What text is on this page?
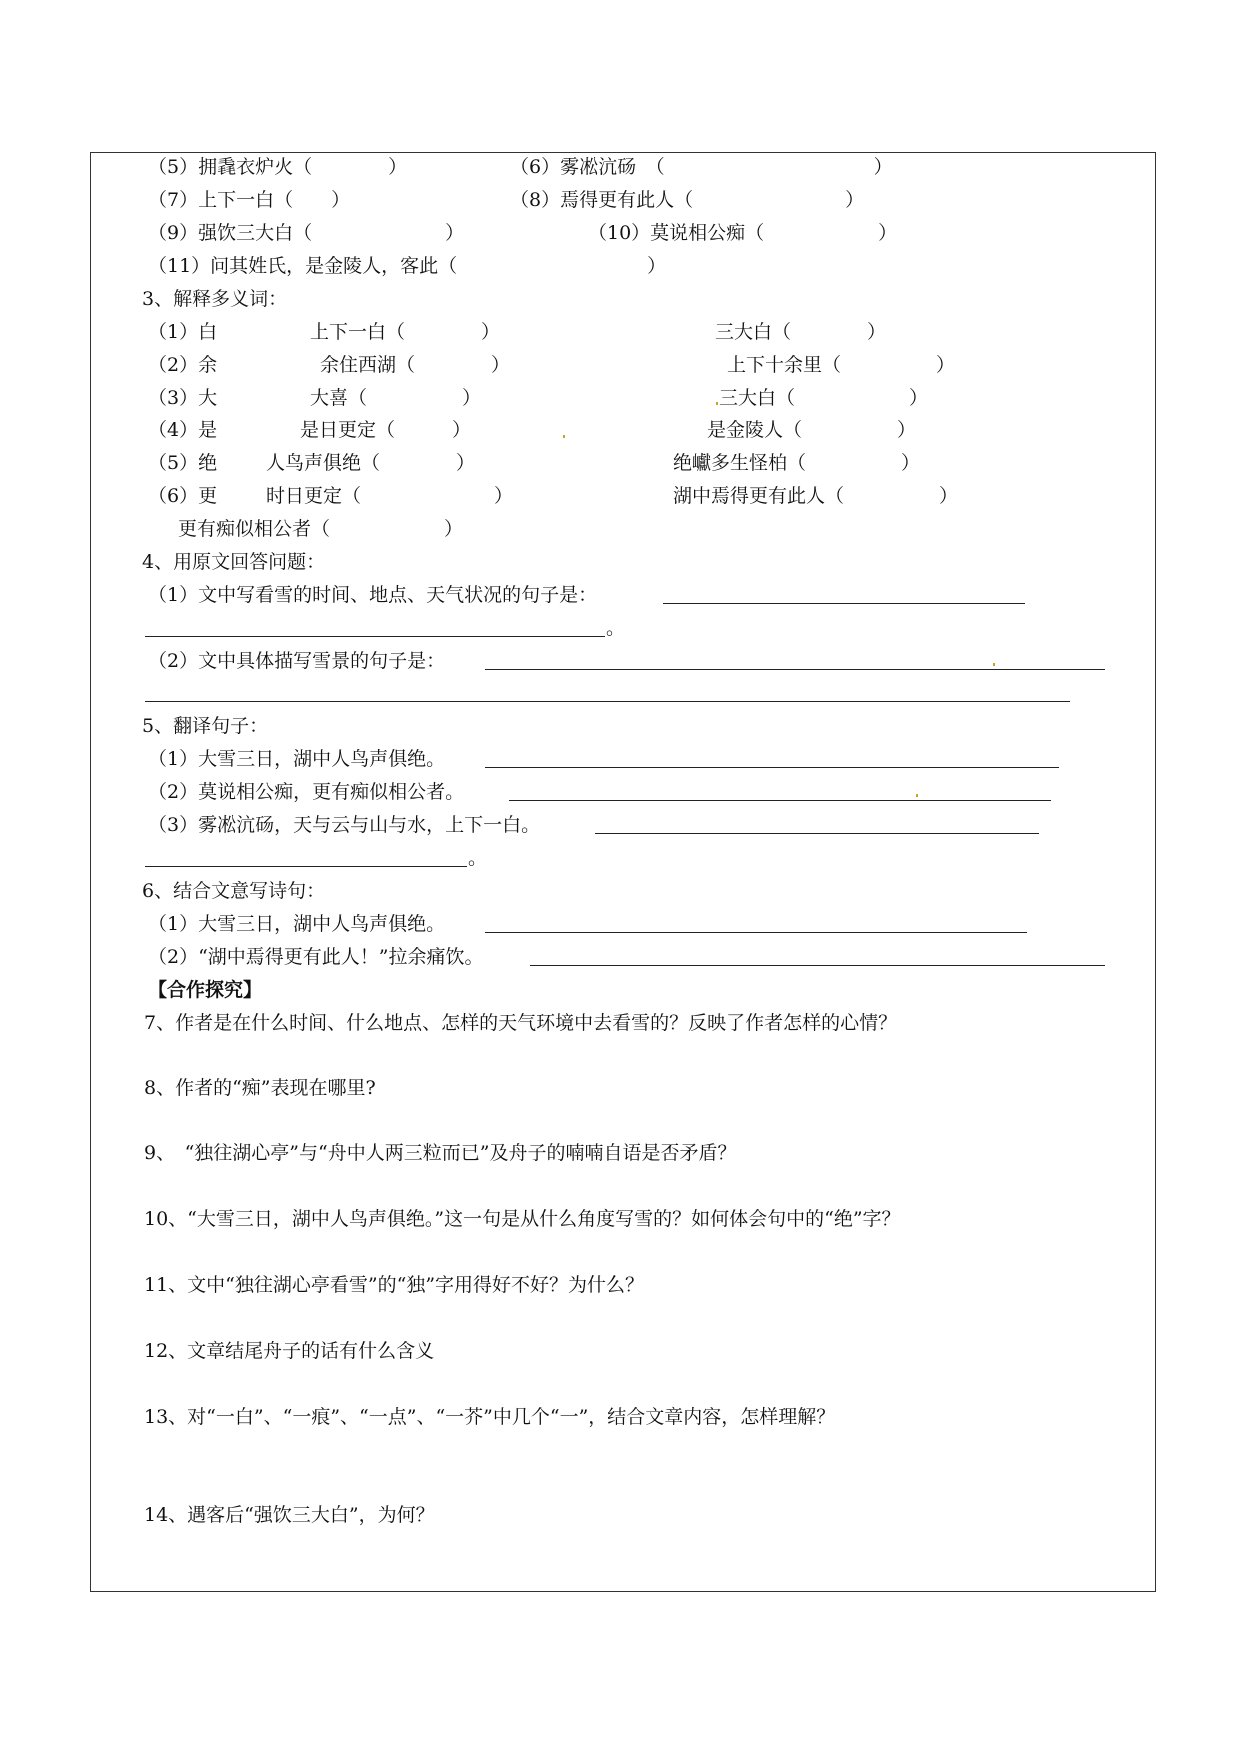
（5）拥毳衣炉火（　　　　）	（6）雾凇沆砀　（　　　　　　　　　　　）
（7）上下一白（　　）	（8）焉得更有此人（　　　　　　　　）
（9）强饮三大白（　　　　　　　）	（10）莫说相公痴（　　　　　　）
（11）问其姓氏，是金陵人，客此（　　　　　　　　　　）
3、解释多义词：
（1）白	上下一白（　　　　）	三大白（　　　　）
（2）余	余住西湖（　　　　）	上下十余里（　　　　　）
（3）大	大喜（　　　　　）	三大白（　　　　　　）
（4）是	是日更定（　　　）	是金陵人（　　　　　）
（5）绝	人鸟声俱绝（　　　　）	绝巘多生怪柏（　　　　　）
（6）更	时日更定（　　　　　　　）	湖中焉得更有此人（　　　　　）
更有痴似相公者（　　　　　　）
4、用原文回答问题：
（1）文中写看雪的时间、地点、天气状况的句子是：
。
（2）文中具体描写雪景的句子是：
5、翻译句子：
（1）大雪三日，湖中人鸟声俱绝。
（2）莫说相公痴，更有痴似相公者。
（3）雾凇沆砀，天与云与山与水，上下一白。
。
6、结合文意写诗句：
（1）大雪三日，湖中人鸟声俱绝。
（2）“湖中焉得更有此人！”拉余痛饮。
【合作探究】
7、作者是在什么时间、什么地点、怎样的天气环境中去看雪的？反映了作者怎样的心情？
8、作者的“痴”表现在哪里?
9、　“独往湖心亭”与“舟中人两三粒而已”及舟子的喃喃自语是否矛盾？
10、“大雪三日，湖中人鸟声俱绝。”这一句是从什么角度写雪的？如何体会句中的“绝”字？
11、文中“独往湖心亭看雪”的“独”字用得好不好？为什么？
12、文章结尾舟子的话有什么含义
13、对“一白”、“一痕”、“一点”、“一芥”中几个“一”，结合文章内容，怎样理解？
14、遇客后“强饮三大白”，为何？
